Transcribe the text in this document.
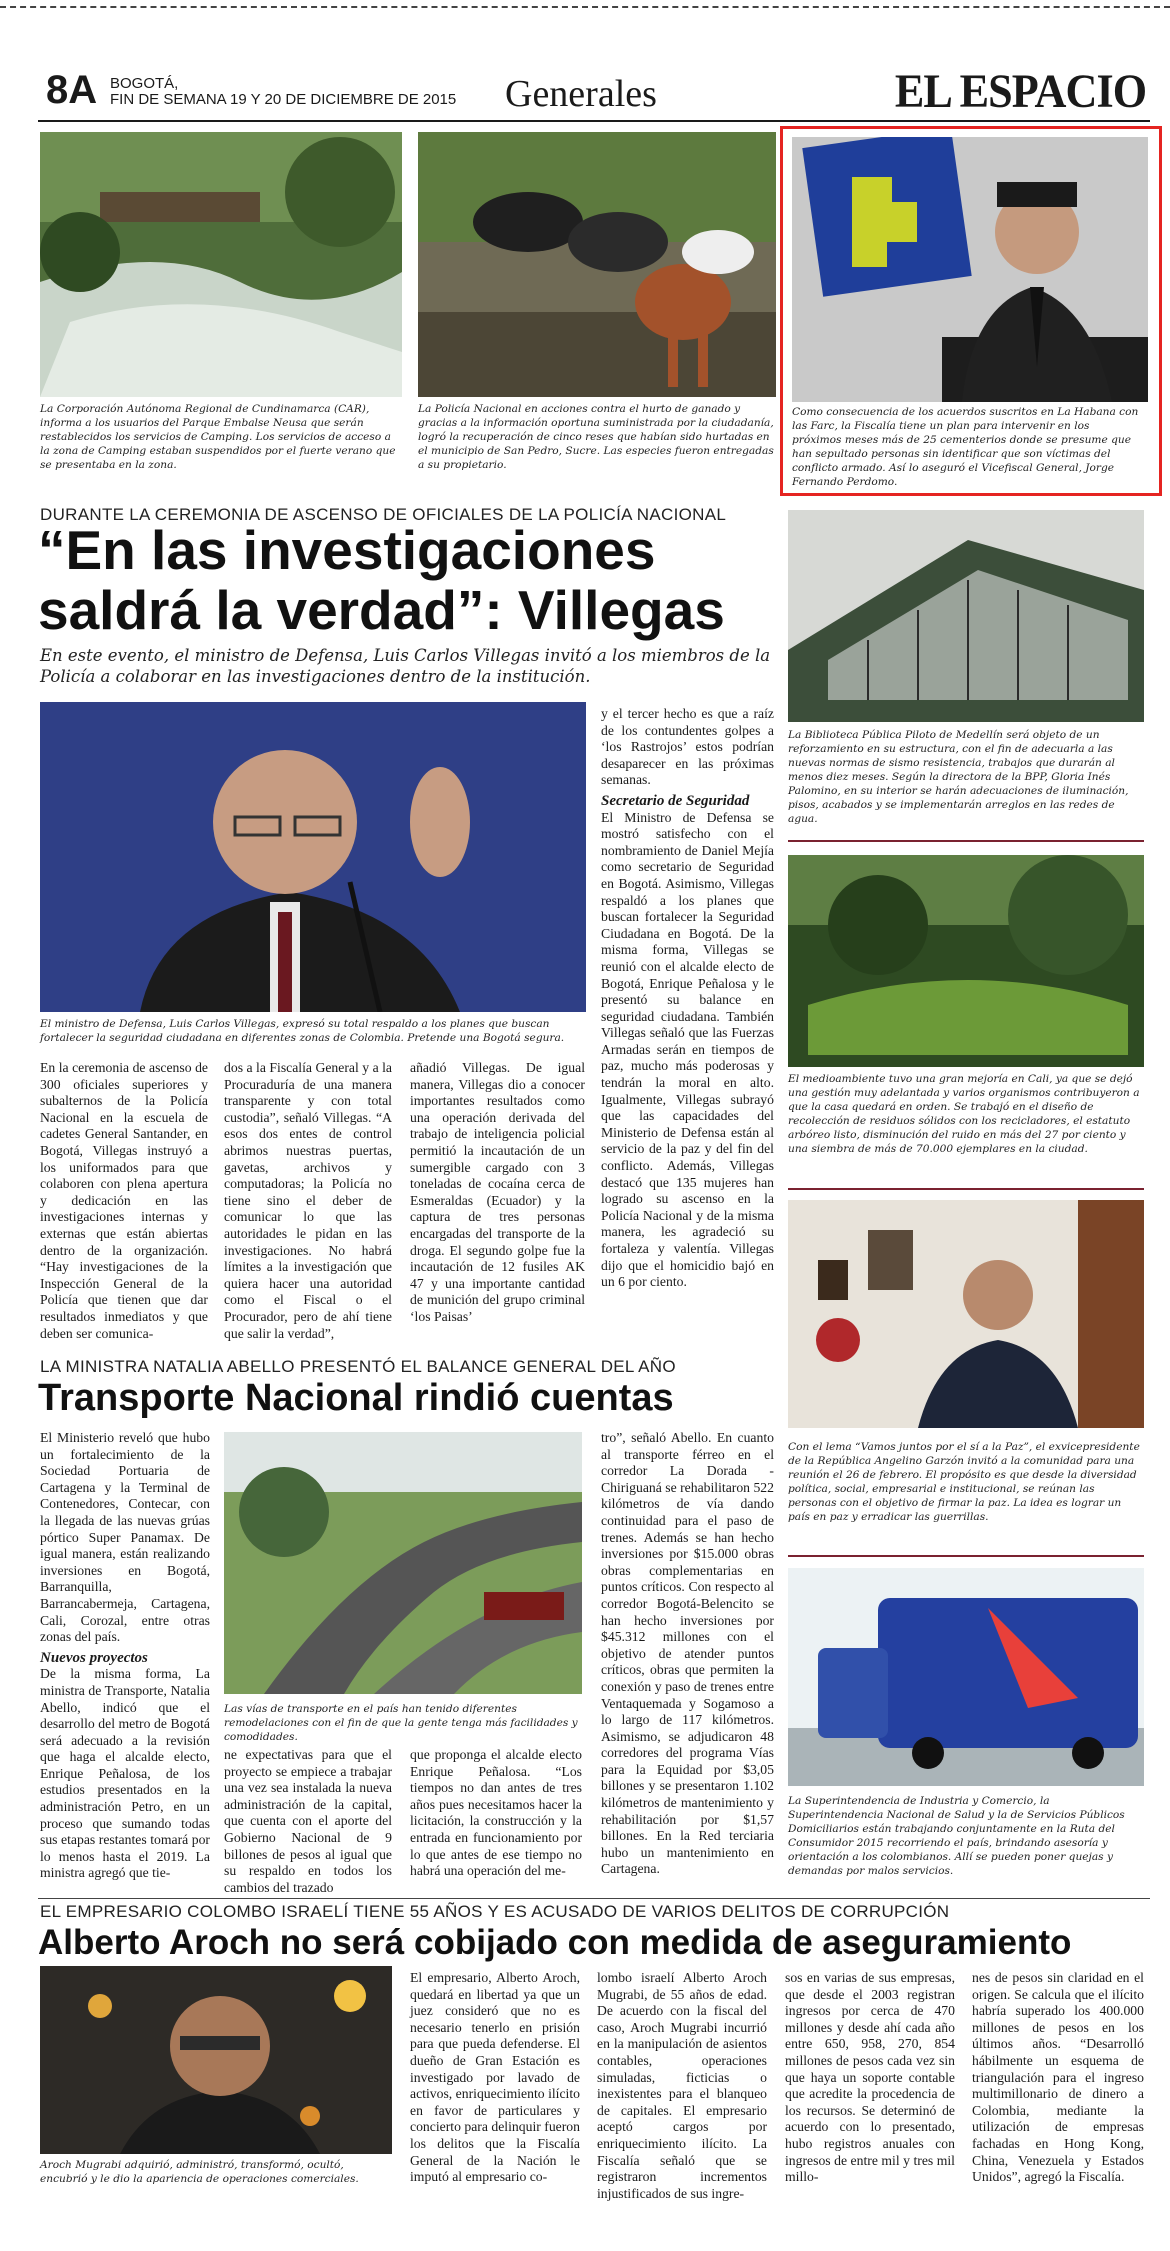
8A BOGOTÁ,
FIN DE SEMANA 19 Y 20 DE DICIEMBRE DE 2015 Generales	EL ESPACIO
La Corporación Autónoma Regional de Cundinamarca (CAR), informa a los usuarios del Parque Embalse Neusa que serán restablecidos los servicios de Camping. Los servicios de acceso a la zona de Camping estaban suspendidos por el fuerte verano que se presentaba en la zona.
La Policía Nacional en acciones contra el hurto de ganado y gracias a la información oportuna suministrada por la ciudadanía, logró la recuperación de cinco reses que habían sido hurtadas en el municipio de San Pedro, Sucre. Las especies fueron entregadas a su propietario.
Como consecuencia de los acuerdos suscritos en La Habana con las Farc, la Fiscalía tiene un plan para intervenir en los próximos meses más de 25 cementerios donde se presume que han sepultado personas sin identificar que son víctimas del conflicto armado. Así lo aseguró el Vicefiscal General, Jorge Fernando Perdomo.
DURANTE LA CEREMONIA DE ASCENSO DE OFICIALES DE LA POLICÍA NACIONAL
“En las investigaciones
saldrá la verdad”: Villegas
En este evento, el ministro de Defensa, Luis Carlos Villegas invitó a los miembros de la Policía a colaborar en las investigaciones dentro de la institución.
El ministro de Defensa, Luis Carlos Villegas, expresó su total respaldo a los planes que buscan fortalecer la seguridad ciudadana en diferentes zonas de Colombia. Pretende una Bogotá segura.
En la ceremonia de ascenso de 300 oficiales superiores y subalternos de la Policía Nacional en la escuela de cadetes General Santander, en Bogotá, Villegas instruyó a los uniformados para que colaboren con plena apertura y dedicación en las investigaciones internas y externas que están abiertas dentro de la organización. “Hay investigaciones de la Inspección General de la Policía que tienen que dar resultados inmediatos y que deben ser comunica-
dos a la Fiscalía General y a la Procuraduría de una manera transparente y con total custodia”, señaló Villegas. “A esos dos entes de control abrimos nuestras puertas, gavetas, archivos y computadoras; la Policía no tiene sino el deber de comunicar lo que las autoridades le pidan en las investigaciones. No habrá límites a la investigación que quiera hacer una autoridad como el Fiscal o el Procurador, pero de ahí tiene que salir la verdad”,
añadió Villegas. De igual manera, Villegas dio a conocer importantes resultados como una operación derivada del trabajo de inteligencia policial permitió la incautación de un sumergible cargado con 3 toneladas de cocaína cerca de Esmeraldas (Ecuador) y la captura de tres personas encargadas del transporte de la droga. El segundo golpe fue la incautación de 12 fusiles AK 47 y una importante cantidad de munición del grupo criminal ‘los Paisas’
y el tercer hecho es que a raíz de los contundentes golpes a ‘los Rastrojos’ estos podrían desaparecer en las próximas semanas.
Secretario de Seguridad
El Ministro de Defensa se mostró satisfecho con el nombramiento de Daniel Mejía como secretario de Seguridad en Bogotá. Asimismo, Villegas respaldó a los planes que buscan fortalecer la Seguridad Ciudadana en Bogotá. De la misma forma, Villegas se reunió con el alcalde electo de Bogotá, Enrique Peñalosa y le presentó su balance en seguridad ciudadana. También Villegas señaló que las Fuerzas Armadas serán en tiempos de paz, mucho más poderosas y tendrán la moral en alto. Igualmente, Villegas subrayó que las capacidades del Ministerio de Defensa están al servicio de la paz y del fin del conflicto. Además, Villegas destacó que 135 mujeres han logrado su ascenso en la Policía Nacional y de la misma manera, les agradeció su fortaleza y valentía. Villegas dijo que el homicidio bajó en un 6 por ciento.
LA MINISTRA NATALIA ABELLO PRESENTÓ EL BALANCE GENERAL DEL AÑO
Transporte Nacional rindió cuentas
El Ministerio reveló que hubo un fortalecimiento de la Sociedad Portuaria de Cartagena y la Terminal de Contenedores, Contecar, con la llegada de las nuevas grúas pórtico Super Panamax. De igual manera, están realizando inversiones en Bogotá, Barranquilla, Barrancabermeja, Cartagena, Cali, Corozal, entre otras zonas del país.
Nuevos proyectos
De la misma forma, La ministra de Transporte, Natalia Abello, indicó que el desarrollo del metro de Bogotá será adecuado a la revisión que haga el alcalde electo, Enrique Peñalosa, de los estudios presentados en la administración Petro, en un proceso que sumando todas sus etapas restantes tomará por lo menos hasta el 2019. La ministra agregó que tie-
Las vías de transporte en el país han tenido diferentes remodelaciones con el fin de que la gente tenga más facilidades y comodidades.
ne expectativas para que el proyecto se empiece a trabajar una vez sea instalada la nueva administración de la capital, que cuenta con el aporte del Gobierno Nacional de 9 billones de pesos al igual que su respaldo en todos los cambios del trazado
que proponga el alcalde electo Enrique Peñalosa. “Los tiempos no dan antes de tres años pues necesitamos hacer la licitación, la construcción y la entrada en funcionamiento por lo que antes de ese tiempo no habrá una operación del me-
tro”, señaló Abello. En cuanto al transporte férreo en el corredor La Dorada -Chiriguaná se rehabilitaron 522 kilómetros de vía dando continuidad para el paso de trenes. Además se han hecho inversiones por $15.000 obras obras complementarias en puntos críticos. Con respecto al corredor Bogotá-Belencito se han hecho inversiones por $45.312 millones con el objetivo de atender puntos críticos, obras que permiten la conexión y paso de trenes entre Ventaquemada y Sogamoso a lo largo de 117 kilómetros. Asimismo, se adjudicaron 48 corredores del programa Vías para la Equidad por $3,05 billones y se presentaron 1.102 kilómetros de mantenimiento y rehabilitación por $1,57 billones. En la Red terciaria hubo un mantenimiento en Cartagena.
La Biblioteca Pública Piloto de Medellín será objeto de un reforzamiento en su estructura, con el fin de adecuarla a las nuevas normas de sismo resistencia, trabajos que durarán al menos diez meses. Según la directora de la BPP, Gloria Inés Palomino, en su interior se harán adecuaciones de iluminación, pisos, acabados y se implementarán arreglos en las redes de agua.
El medioambiente tuvo una gran mejoría en Cali, ya que se dejó una gestión muy adelantada y varios organismos contribuyeron a que la casa quedará en orden. Se trabajó en el diseño de recolección de residuos sólidos con los recicladores, el estatuto arbóreo listo, disminución del ruido en más del 27 por ciento y una siembra de más de 70.000 ejemplares en la ciudad.
Con el lema “Vamos juntos por el sí a la Paz”, el exvicepresidente de la República Angelino Garzón invitó a la comunidad para una reunión el 26 de febrero. El propósito es que desde la diversidad política, social, empresarial e institucional, se reúnan las personas con el objetivo de firmar la paz. La idea es lograr un país en paz y erradicar las guerrillas.
La Superintendencia de Industria y Comercio, la Superintendencia Nacional de Salud y la de Servicios Públicos Domiciliarios están trabajando conjuntamente en la Ruta del Consumidor 2015 recorriendo el país, brindando asesoría y orientación a los colombianos. Allí se pueden poner quejas y demandas por malos servicios.
EL EMPRESARIO COLOMBO ISRAELÍ TIENE 55 AÑOS Y ES ACUSADO DE VARIOS DELITOS DE CORRUPCIÓN
Alberto Aroch no será cobijado con medida de aseguramiento
Aroch Mugrabi adquirió, administró, transformó, ocultó, encubrió y le dio la apariencia de operaciones comerciales.
El empresario, Alberto Aroch, quedará en libertad ya que un juez consideró que no es necesario tenerlo en prisión para que pueda defenderse. El dueño de Gran Estación es investigado por lavado de activos, enriquecimiento ilícito en favor de particulares y concierto para delinquir fueron los delitos que la Fiscalía General de la Nación le imputó al empresario co-
lombo israelí Alberto Aroch Mugrabi, de 55 años de edad. De acuerdo con la fiscal del caso, Aroch Mugrabi incurrió en la manipulación de asientos contables, operaciones simuladas, ficticias o inexistentes para el blanqueo de capitales. El empresario aceptó cargos por enriquecimiento ilícito. La Fiscalía señaló que se registraron incrementos injustificados de sus ingre-
sos en varias de sus empresas, que desde el 2003 registran ingresos por cerca de 470 millones y desde ahí cada año entre 650, 958, 270, 854 millones de pesos cada vez sin que haya un soporte contable que acredite la procedencia de los recursos. Se determinó de acuerdo con lo presentado, hubo registros anuales con ingresos de entre mil y tres mil millo-
nes de pesos sin claridad en el origen. Se calcula que el ilícito habría superado los 400.000 millones de pesos en los últimos años. “Desarrolló hábilmente un esquema de triangulación para el ingreso multimillonario de dinero a Colombia, mediante la utilización de empresas fachadas en Hong Kong, China, Venezuela y Estados Unidos”, agregó la Fiscalía.
